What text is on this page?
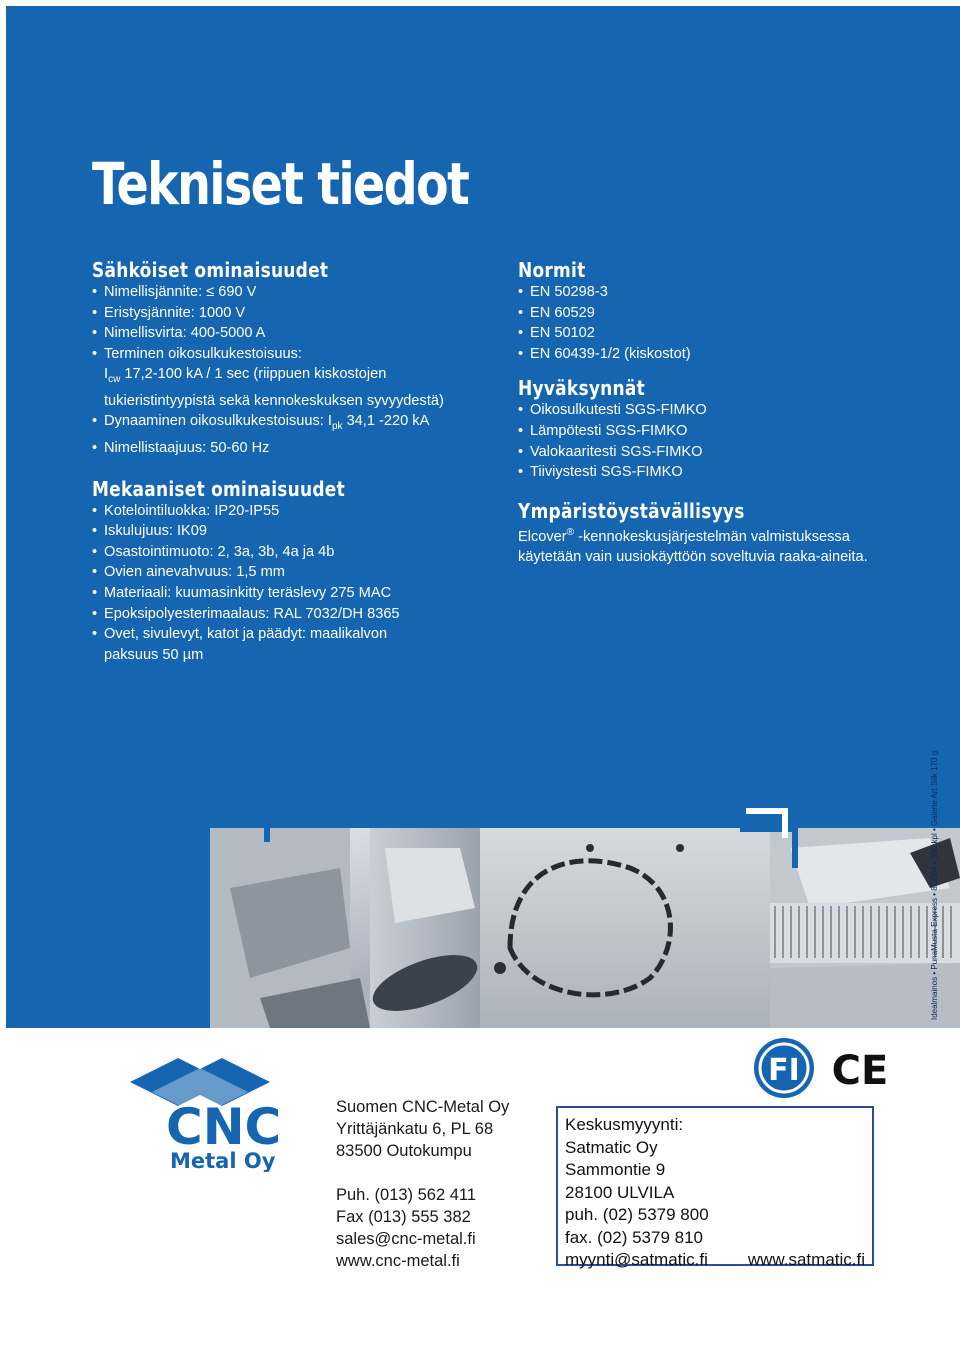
Tekniset tiedot
Sähköiset ominaisuudet
• Nimellisjännite: ≤ 690 V
• Eristysjännite: 1000 V
• Nimellisvirta: 400-5000 A
• Terminen oikosulkukestoisuus:
$I_{cw}$ 17,2-100 kA / 1 sec (riippuen kiskostojen
tukieristintyypistä sekä kennokeskuksen syvyydestä)
• Dynaaminen oikosulkukestoisuus: $I_{pk}$ 34,1 -220 kA
• Nimellistaajuus: 50-60 Hz
Mekaaniset ominaisuudet
• Kotelointiluokka: IP20-IP55
• Iskulujuus: IK09
• Osastointimuoto: 2, 3a, 3b, 4a ja 4b
• Ovien ainevahvuus: 1,5 mm
• Materiaali: kuumasinkitty teräslevy 275 MAC
• Epoksipolyesterimaalaus: RAL 7032/DH 8365
• Ovet, sivulevyt, katot ja päädyt: maalikalvon
paksuus 50 µm
Normit
• EN 50298-3
• EN 60529
• EN 50102
• EN 60439-1/2 (kiskostot)
Hyväksynnät
• Oikosulkutesti SGS-FIMKO
• Lämpötesti SGS-FIMKO
• Valokaaritesti SGS-FIMKO
• Tiiviystesti SGS-FIMKO
Ympäristöystävällisyys
Elcover® -kennokeskusjärjestelmän valmistuksessa
käytetään vain uusiokäyttöön soveltuvia raaka-aineita.
Idealmainos • PunaMusta Express • 8/2004 • 500 kpl • Galerie Art Silk 170 g
CNC
Metal Oy
FI CE
Suomen CNC-Metal Oy
Yrittäjänkatu 6, PL 68
83500 Outokumpu
Puh. (013) 562 411
Fax (013) 555 382
sales@cnc-metal.fi
www.cnc-metal.fi
Keskusmyyynti:
Satmatic Oy
Sammontie 9
28100 ULVILA
puh. (02) 5379 800
fax. (02) 5379 810
myynti@satmatic.fi www.satmatic.fi
